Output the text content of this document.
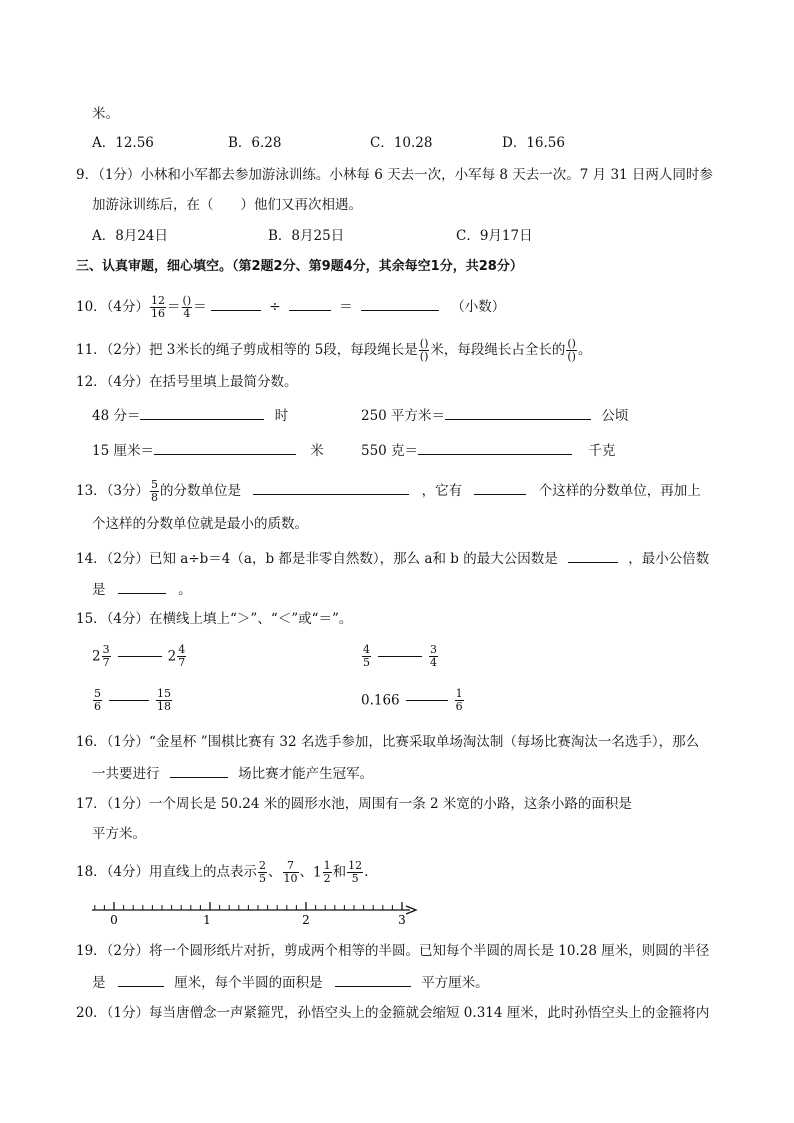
米。
A．12.56	B．6.28	C．10.28	D．16.56
9．（1分）小林和小军都去参加游泳训练。小林每 6 天去一次，小军每 8 天去一次。7 月 31 日两人同时参
加游泳训练后，在（　　）他们又再次相遇。
A．8月24日	B．8月25日	C．9月17日
三、认真审题，细心填空。（第2题2分、第9题4分，其余每空1分，共28分）
10．（4分） $\frac{12}{16}$ ＝ ()
4 ＝	÷	＝	（小数）
11．（2分）把 3米长的绳子剪成相等的 5段，每段绳长是 ()
() 米，每段绳长占全长的 ()
() 。
12．（4分）在括号里填上最简分数。
48 分＝	时	250 平方米＝	公顷
15 厘米＝	米	550 克＝	千克
13．（3分） $\frac{5}{8}$ 的分数单位是	，它有	个这样的分数单位，再加上
个这样的分数单位就是最小的质数。
14．（2分）已知 a÷b＝4（a，b 都是非零自然数），那么 a和 b 的最大公因数是	，最小公倍数
是	。
15．（4分）在横线上填上“＞”、“＜”或“＝”。
$2 \frac{3}{7}$	$2 \frac{4}{7}$	$\frac{4}{5}$	$\frac{3}{4}$
$\frac{5}{6}$	$\frac{15}{18}$	0.166	$\frac{1}{6}$
16．（1分）“金星杯 ”围棋比赛有 32 名选手参加，比赛采取单场淘汰制（每场比赛淘汰一名选手），那么
一共要进行	场比赛才能产生冠军。
17．（1分）一个周长是 50.24 米的圆形水池，周围有一条 2 米宽的小路，这条小路的面积是
平方米。
18．（4分）用直线上的点表示 $\frac{2}{5}$ 、 $\frac{7}{10}$ 、$1 \frac{1}{2}$ 和 $\frac{12}{5}$ .
0	1	2	3
19．（2分）将一个圆形纸片对折，剪成两个相等的半圆。已知每个半圆的周长是 10.28 厘米，则圆的半径
是	厘米，每个半圆的面积是	平方厘米。
20．（1分）每当唐僧念一声紧箍咒，孙悟空头上的金箍就会缩短 0.314 厘米，此时孙悟空头上的金箍将内
